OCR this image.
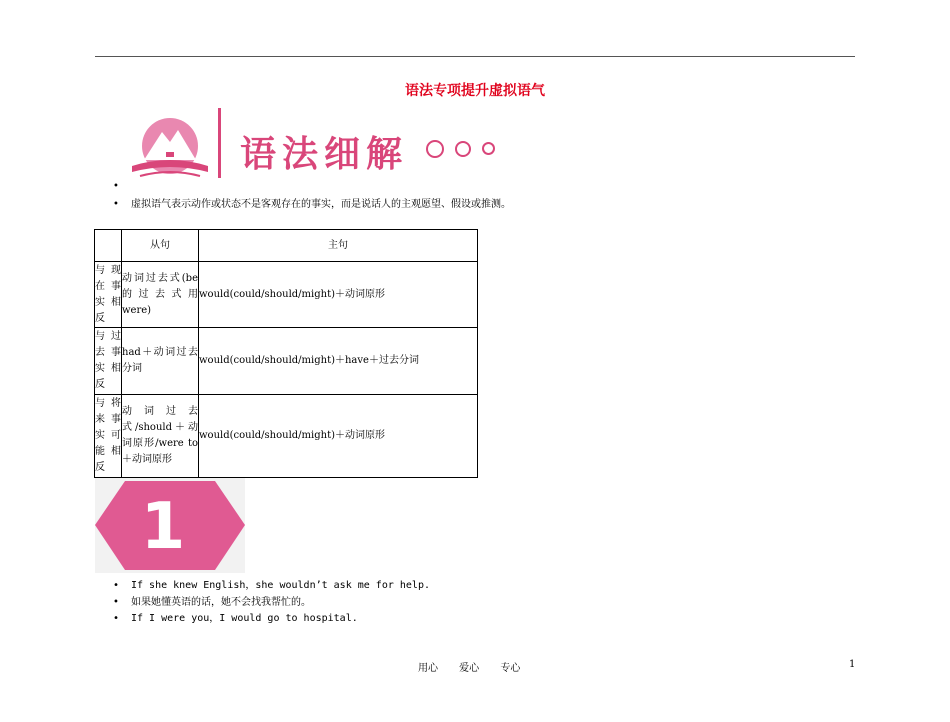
语法专项提升虚拟语气
语法细解

•
• 虚拟语气表示动作或状态不是客观存在的事实，而是说话人的主观愿望、假设或推测。
	从句	主句
与现在事实相反	动词过去式(be 的过去式用were)	would(could/should/might)＋动词原形
与过去事实相反	had＋动词过去分词	would(could/should/might)＋have＋过去分词
与将来事实可能相反	动词过去式/should＋动词原形/were to＋动词原形	would(could/should/might)＋动词原形
1
• If she knew English，she wouldn’t ask me for help.
• 如果她懂英语的话，她不会找我帮忙的。
• If I were you，I would go to hospital.
用心 爱心 专心	1
